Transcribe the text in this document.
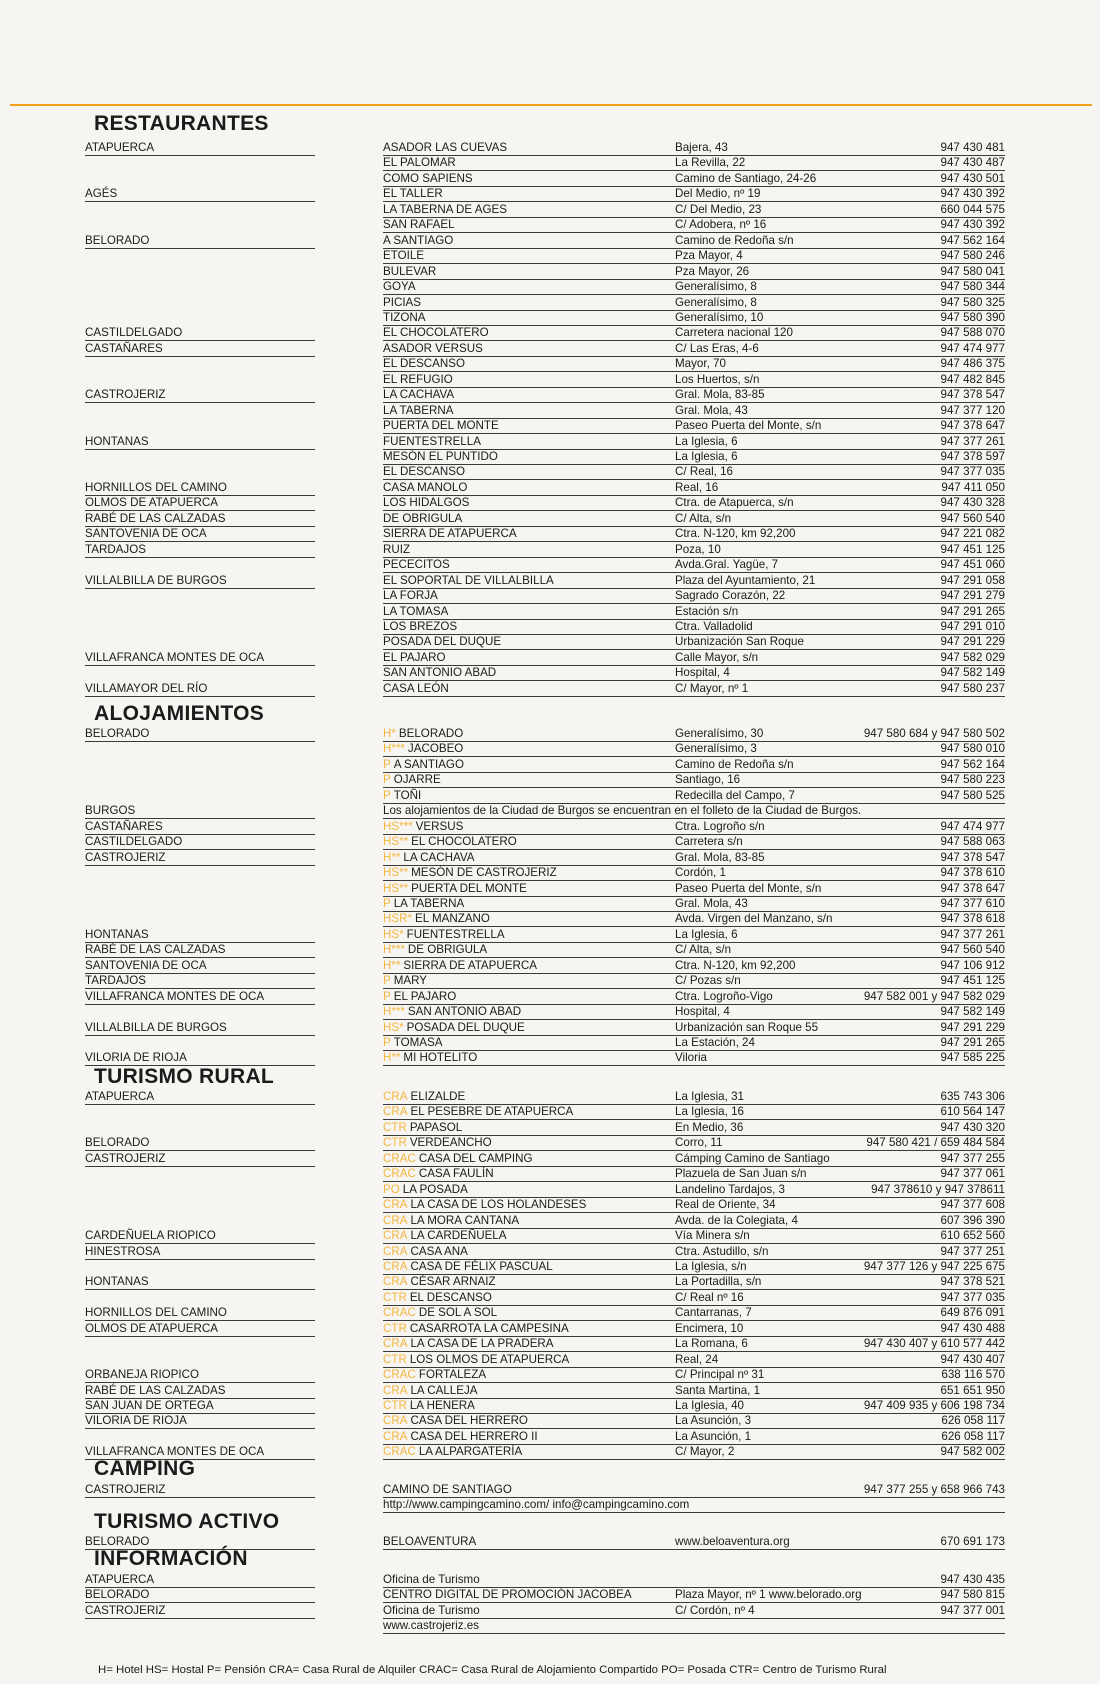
RESTAURANTES
ATAPUERCA	ASADOR LAS CUEVAS	Bajera, 43	947 430 481
EL PALOMAR	La Revilla, 22	947 430 487
COMO SAPIENS	Camino de Santiago, 24-26	947 430 501
AGÉS	EL TALLER	Del Medio, nº 19	947 430 392
LA TABERNA DE AGES	C/ Del Medio, 23	660 044 575
SAN RAFAEL	C/ Adobera, nº 16	947 430 392
BELORADO	A SANTIAGO	Camino de Redoña s/n	947 562 164
ETOILE	Pza Mayor, 4	947 580 246
BULEVAR	Pza Mayor, 26	947 580 041
GOYA	Generalísimo, 8	947 580 344
PICIAS	Generalísimo, 8	947 580 325
TIZONA	Generalísimo, 10	947 580 390
CASTILDELGADO	EL CHOCOLATERO	Carretera nacional 120	947 588 070
CASTAÑARES	ASADOR VERSUS	C/ Las Eras, 4-6	947 474 977
EL DESCANSO	Mayor, 70	947 486 375
EL REFUGIO	Los Huertos, s/n	947 482 845
CASTROJERIZ	LA CACHAVA	Gral. Mola, 83-85	947 378 547
LA TABERNA	Gral. Mola, 43	947 377 120
PUERTA DEL MONTE	Paseo Puerta del Monte, s/n	947 378 647
HONTANAS	FUENTESTRELLA	La Iglesia, 6	947 377 261
MESÓN EL PUNTIDO	La Iglesia, 6	947 378 597
EL DESCANSO	C/ Real, 16	947 377 035
HORNILLOS DEL CAMINO	CASA MANOLO	Real, 16	947 411 050
OLMOS DE ATAPUERCA	LOS HIDALGOS	Ctra. de Atapuerca, s/n	947 430 328
RABÉ DE LAS CALZADAS	DE OBRIGULA	C/ Alta, s/n	947 560 540
SANTOVENIA DE OCA	SIERRA DE ATAPUERCA	Ctra. N-120, km 92,200	947 221 082
TARDAJOS	RUIZ	Poza, 10	947 451 125
PECECITOS	Avda.Gral. Yagüe, 7	947 451 060
VILLALBILLA DE BURGOS	EL SOPORTAL DE VILLALBILLA	Plaza del Ayuntamiento, 21	947 291 058
LA FORJA	Sagrado Corazón, 22	947 291 279
LA TOMASA	Estación s/n	947 291 265
LOS BREZOS	Ctra. Valladolid	947 291 010
POSADA DEL DUQUE	Urbanización San Roque	947 291 229
VILLAFRANCA MONTES DE OCA	EL PAJARO	Calle Mayor, s/n	947 582 029
SAN ANTONIO ABAD	Hospital, 4	947 582 149
VILLAMAYOR DEL RÍO	CASA LEÓN	C/ Mayor, nº 1	947 580 237
ALOJAMIENTOS
BELORADO	H* BELORADO	Generalísimo, 30	947 580 684 y 947 580 502
H*** JACOBEO	Generalísimo, 3	947 580 010
P A SANTIAGO	Camino de Redoña s/n	947 562 164
P OJARRE	Santiago, 16	947 580 223
P TOÑI	Redecilla del Campo, 7	947 580 525
BURGOS	Los alojamientos de la Ciudad de Burgos se encuentran en el folleto de la Ciudad de Burgos.
CASTAÑARES	HS*** VERSUS	Ctra. Logroño s/n	947 474 977
CASTILDELGADO	HS** EL CHOCOLATERO	Carretera s/n	947 588 063
CASTROJERIZ	H** LA CACHAVA	Gral. Mola, 83-85	947 378 547
HS** MESÓN DE CASTROJERIZ	Cordón, 1	947 378 610
HS** PUERTA DEL MONTE	Paseo Puerta del Monte, s/n	947 378 647
P LA TABERNA	Gral. Mola, 43	947 377 610
HSR* EL MANZANO	Avda. Virgen del Manzano, s/n	947 378 618
HONTANAS	HS* FUENTESTRELLA	La Iglesia, 6	947 377 261
RABÉ DE LAS CALZADAS	H*** DE OBRIGULA	C/ Alta, s/n	947 560 540
SANTOVENIA DE OCA	H** SIERRA DE ATAPUERCA	Ctra. N-120, km 92,200	947 106 912
TARDAJOS	P MARY	C/ Pozas s/n	947 451 125
VILLAFRANCA MONTES DE OCA	P EL PAJARO	Ctra. Logroño-Vigo	947 582 001 y 947 582 029
H*** SAN ANTONIO ABAD	Hospital, 4	947 582 149
VILLALBILLA DE BURGOS	HS* POSADA DEL DUQUE	Urbanización san Roque 55	947 291 229
P TOMASA	La Estación, 24	947 291 265
VILORIA DE RIOJA	H** MI HOTELITO	Viloria	947 585 225
TURISMO RURAL
ATAPUERCA	CRA ELIZALDE	La Iglesia, 31	635 743 306
CRA EL PESEBRE DE ATAPUERCA	La Iglesia, 16	610 564 147
CTR PAPASOL	En Medio, 36	947 430 320
BELORADO	CTR VERDEANCHO	Corro, 11	947 580 421 / 659 484 584
CASTROJERIZ	CRAC CASA DEL CAMPING	Cámping Camino de Santiago	947 377 255
CRAC CASA FAULÍN	Plazuela de San Juan s/n	947 377 061
PO LA POSADA	Landelino Tardajos, 3	947 378610 y 947 378611
CRA LA CASA DE LOS HOLANDESES	Real de Oriente, 34	947 377 608
CRA LA MORA CANTANA	Avda. de la Colegiata, 4	607 396 390
CARDEÑUELA RIOPICO	CRA LA CARDEÑUELA	Vía Minera s/n	610 652 560
HINESTROSA	CRA CASA ANA	Ctra. Astudillo, s/n	947 377 251
CRA CASA DE FÉLIX PASCUAL	La Iglesia, s/n	947 377 126 y 947 225 675
HONTANAS	CRA CÉSAR ARNAIZ	La Portadilla, s/n	947 378 521
CTR EL DESCANSO	C/ Real nº 16	947 377 035
HORNILLOS DEL CAMINO	CRAC DE SOL A SOL	Cantarranas, 7	649 876 091
OLMOS DE ATAPUERCA	CTR CASARROTA LA CAMPESINA	Encimera, 10	947 430 488
CRA LA CASA DE LA PRADERA	La Romana, 6	947 430 407 y 610 577 442
CTR LOS OLMOS DE ATAPUERCA	Real, 24	947 430 407
ORBANEJA RIOPICO	CRAC FORTALEZA	C/ Principal nº 31	638 116 570
RABÉ DE LAS CALZADAS	CRA LA CALLEJA	Santa Martina, 1	651 651 950
SAN JUAN DE ORTEGA	CTR LA HENERA	La Iglesia, 40	947 409 935 y 606 198 734
VILORIA DE RIOJA	CRA CASA DEL HERRERO	La Asunción, 3	626 058 117
CRA CASA DEL HERRERO II	La Asunción, 1	626 058 117
VILLAFRANCA MONTES DE OCA	CRAC LA ALPARGATERÍA	C/ Mayor, 2	947 582 002
CAMPING
CASTROJERIZ	CAMINO DE SANTIAGO	947 377 255 y 658 966 743
http://www.campingcamino.com/ info@campingcamino.com
TURISMO ACTIVO
BELORADO	BELOAVENTURA	www.beloaventura.org	670 691 173
INFORMACIÓN
ATAPUERCA	Oficina de Turismo	947 430 435
BELORADO	CENTRO DIGITAL DE PROMOCIÓN JACOBEA	Plaza Mayor, nº 1 www.belorado.org	947 580 815
CASTROJERIZ	Oficina de Turismo	C/ Cordón, nº 4	947 377 001
www.castrojeriz.es
H= Hotel HS= Hostal P= Pensión CRA= Casa Rural de Alquiler CRAC= Casa Rural de Alojamiento Compartido PO= Posada CTR= Centro de Turismo Rural
